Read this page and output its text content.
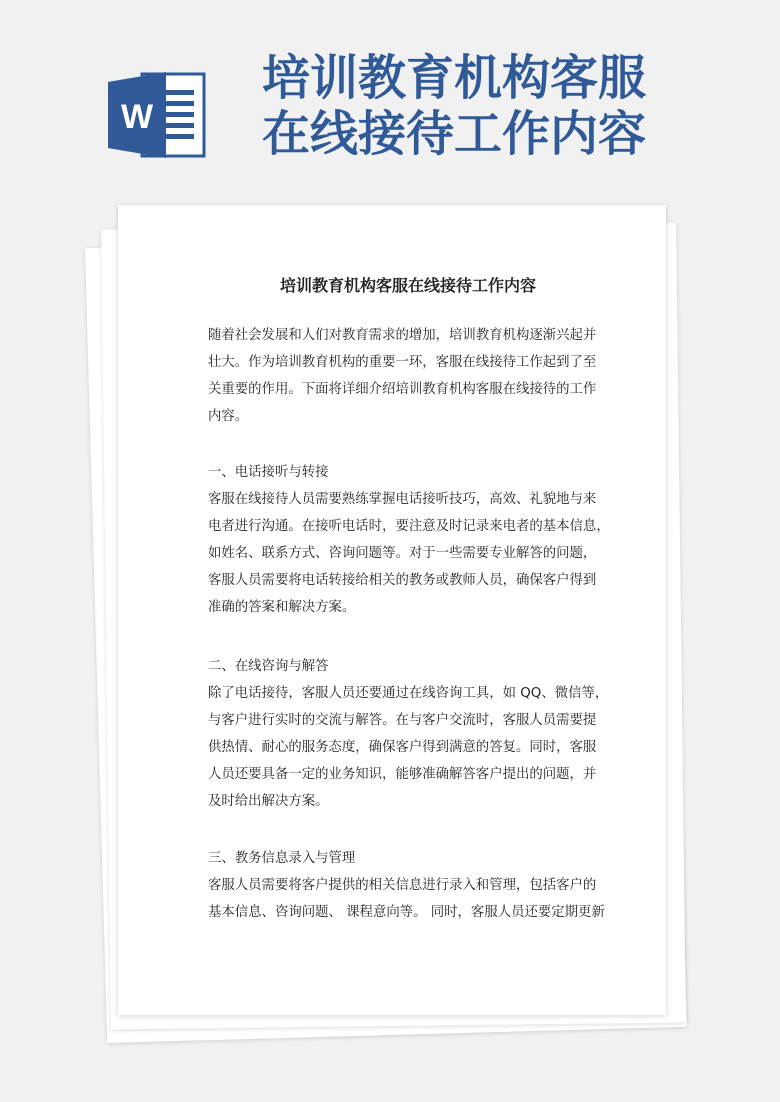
W
培训教育机构客服
在线接待工作内容
培训教育机构客服在线接待工作内容
随着社会发展和人们对教育需求的增加，培训教育机构逐渐兴起并
壮大。作为培训教育机构的重要一环，客服在线接待工作起到了至
关重要的作用。下面将详细介绍培训教育机构客服在线接待的工作
内容。
一、电话接听与转接
客服在线接待人员需要熟练掌握电话接听技巧，高效、礼貌地与来
电者进行沟通。在接听电话时，要注意及时记录来电者的基本信息，
如姓名、联系方式、咨询问题等。对于一些需要专业解答的问题，
客服人员需要将电话转接给相关的教务或教师人员，确保客户得到
准确的答案和解决方案。
二、在线咨询与解答
除了电话接待，客服人员还要通过在线咨询工具，如 QQ、微信等，
与客户进行实时的交流与解答。在与客户交流时，客服人员需要提
供热情、耐心的服务态度，确保客户得到满意的答复。同时，客服
人员还要具备一定的业务知识，能够准确解答客户提出的问题，并
及时给出解决方案。
三、教务信息录入与管理
客服人员需要将客户提供的相关信息进行录入和管理，包括客户的
基本信息、咨询问题、 课程意向等。 同时，客服人员还要定期更新
